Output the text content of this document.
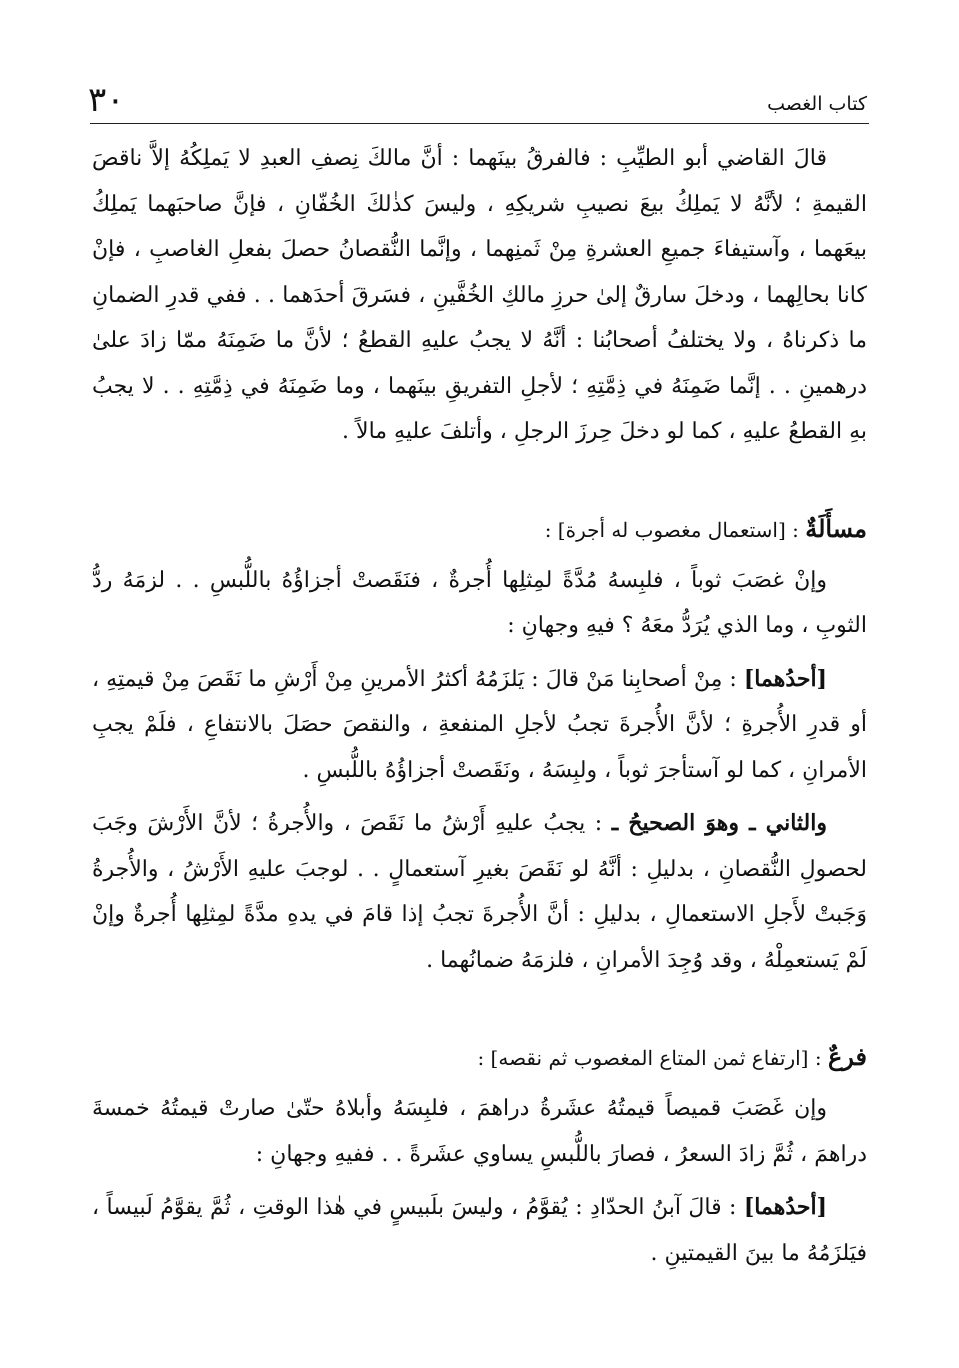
٣٠	كتاب الغصب

قالَ القاضي أبو الطيِّبِ : فالفرقُ بينَهما : أنَّ مالكَ نِصفِ العبدِ لا يَملِكُهُ إلاَّ ناقصَ القيمةِ ؛ لأنَّهُ لا يَملِكُ بيعَ نصيبِ شريكِهِ ، وليسَ كذٰلكَ الخُفّانِ ، فإنَّ صاحبَهما يَملِكُ بيعَهما ، وآستيفاءَ جميعِ العشرةِ مِنْ ثَمنِهما ، وإنَّما النُّقصانُ حصلَ بفعلِ الغاصبِ ، فإنْ كانا بحالِهما ، ودخلَ سارقٌ إلىٰ حرزِ مالكِ الخُفَّينِ ، فسَرقَ أحدَهما . . ففي قدرِ الضمانِ ما ذكرناهُ ، ولا يختلفُ أصحابُنا : أنَّهُ لا يجبُ عليهِ القطعُ ؛ لأنَّ ما ضَمِنَهُ ممّا زادَ علىٰ درهمينِ . . إنَّما ضَمِنَهُ في ذِمَّتِهِ ؛ لأجلِ التفريقِ بينَهما ، وما ضَمِنَهُ في ذِمَّتِهِ . . لا يجبُ بهِ القطعُ عليهِ ، كما لو دخلَ حِرزَ الرجلِ ، وأتلفَ عليهِ مالاً .

مسأَلَةٌ : [استعمال مغصوب له أجرة] :

وإنْ غصَبَ ثوباً ، فلبِسهُ مُدَّةً لمِثلِها أُجرةٌ ، فنَقَصتْ أجزاؤُهُ باللُّبسِ . . لزمَهُ ردُّ الثوبِ ، وما الذي يُرَدُّ معَهُ ؟ فيهِ وجهانِ :

[أحدُهما] : مِنْ أصحابِنا مَنْ قالَ : يَلزَمُهُ أكثرُ الأمرينِ مِنْ أَرْشِ ما نَقَصَ مِنْ قيمتِهِ ، أو قدرِ الأُجرةِ ؛ لأنَّ الأُجرةَ تجبُ لأجلِ المنفعةِ ، والنقصَ حصَلَ بالانتفاعِ ، فلَمْ يجبِ الأمرانِ ، كما لو آستأجرَ ثوباً ، ولبِسَهُ ، ونَقَصتْ أجزاؤُهُ باللُّبسِ .

والثاني ـ وهوَ الصحيحُ ـ : يجبُ عليهِ أَرْشُ ما نَقَصَ ، والأُجرةُ ؛ لأنَّ الأَرْشَ وجَبَ لحصولِ النُّقصانِ ، بدليلِ : أنَّهُ لو نَقَصَ بغيرِ آستعمالٍ . . لوجبَ عليهِ الأَرْشُ ، والأُجرةُ وَجَبتْ لأَجلِ الاستعمالِ ، بدليلِ : أنَّ الأُجرةَ تجبُ إذا قامَ في يدهِ مدَّةً لمِثلِها أُجرةٌ وإنْ لَمْ يَستعمِلْهُ ، وقد وُجِدَ الأمرانِ ، فلزمَهُ ضمانُهما .

فرعٌ : [ارتفاع ثمن المتاع المغصوب ثم نقصه] :

وإن غَصَبَ قميصاً قيمتُهُ عشَرةُ دراهمَ ، فلبِسَهُ وأبلاهُ حتّىٰ صارتْ قيمتُهُ خمسةَ دراهمَ ، ثُمَّ زادَ السعرُ ، فصارَ باللُّبسِ يساوي عشَرةً . . ففيهِ وجهانِ :

[أحدُهما] : قالَ آبنُ الحدّادِ : يُقوَّمُ ، وليسَ بلَبيسٍ في هٰذا الوقتِ ، ثُمَّ يقوَّمُ لَبيساً ، فيَلزَمُهُ ما بينَ القيمتينِ .
